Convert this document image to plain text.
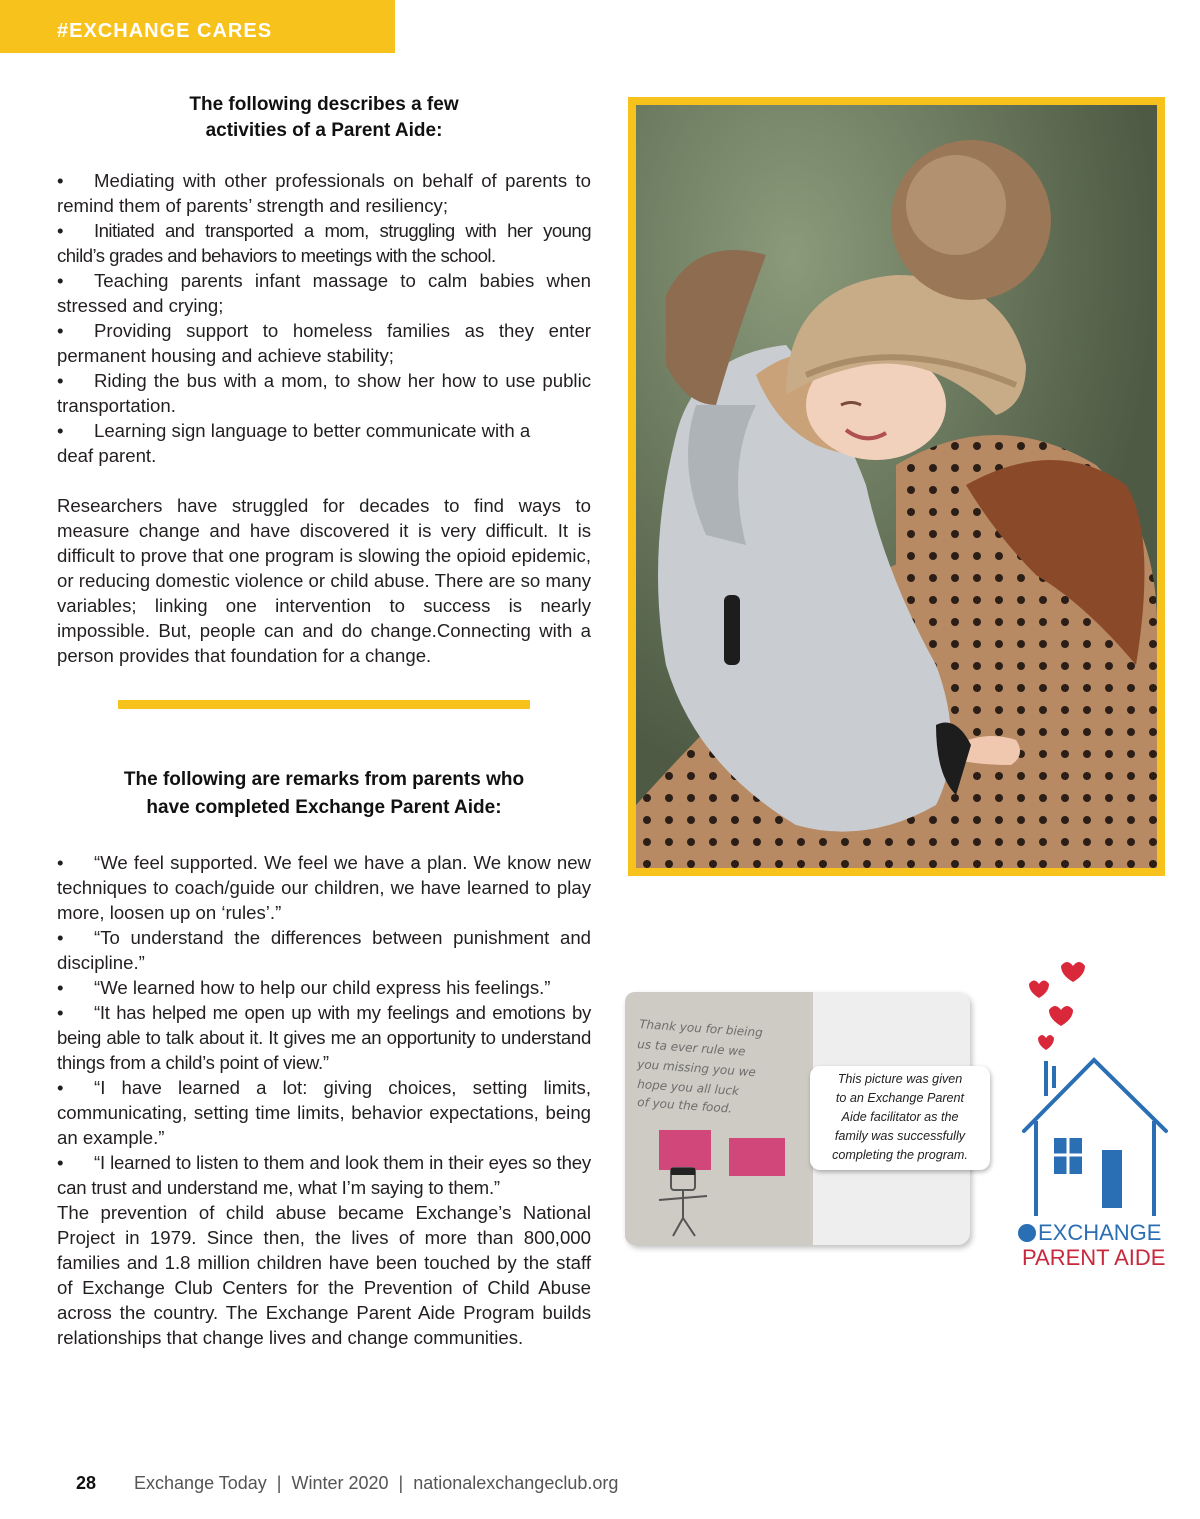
#EXCHANGE CARES

The following describes a few
activities of a Parent Aide:

• Mediating with other professionals on behalf of parents to remind them of parents’ strength and resiliency;
• Initiated and transported a mom, struggling with her young child’s grades and behaviors to meetings with the school.
• Teaching parents infant massage to calm babies when stressed and crying;
• Providing support to homeless families as they enter permanent housing and achieve stability;
• Riding the bus with a mom, to show her how to use public transportation.
• Learning sign language to better communicate with a deaf parent.

Researchers have struggled for decades to find ways to measure change and have discovered it is very difficult. It is difficult to prove that one program is slowing the opioid epidemic, or reducing domestic violence or child abuse. There are so many variables; linking one intervention to success is nearly impossible. But, people can and do change.Connecting with a person provides that foundation for a change.

The following are remarks from parents who
have completed Exchange Parent Aide:

• “We feel supported. We feel we have a plan. We know new techniques to coach/guide our children, we have learned to play more, loosen up on ‘rules’.”
• “To understand the differences between punishment and discipline.”
• “We learned how to help our child express his feelings.”
• “It has helped me open up with my feelings and emotions by being able to talk about it. It gives me an opportunity to understand things from a child’s point of view.”
• “I have learned a lot: giving choices, setting limits, communicating, setting time limits, behavior expectations, being an example.”
• “I learned to listen to them and look them in their eyes so they can trust and understand me, what I’m saying to them.”

The prevention of child abuse became Exchange’s National Project in 1979. Since then, the lives of more than 800,000 families and 1.8 million children have been touched by the staff of Exchange Club Centers for the Prevention of Child Abuse across the country. The Exchange Parent Aide Program builds relationships that change lives and change communities.

Thank you for bieing
us ta ever rule we
you missing you we
hope you all luck
of you the food.
This picture was given
to an Exchange Parent
Aide facilitator as the
family was successfully
completing the program.
EXCHANGE
PARENT AIDE
28 Exchange Today  |  Winter 2020  |  nationalexchangeclub.org
